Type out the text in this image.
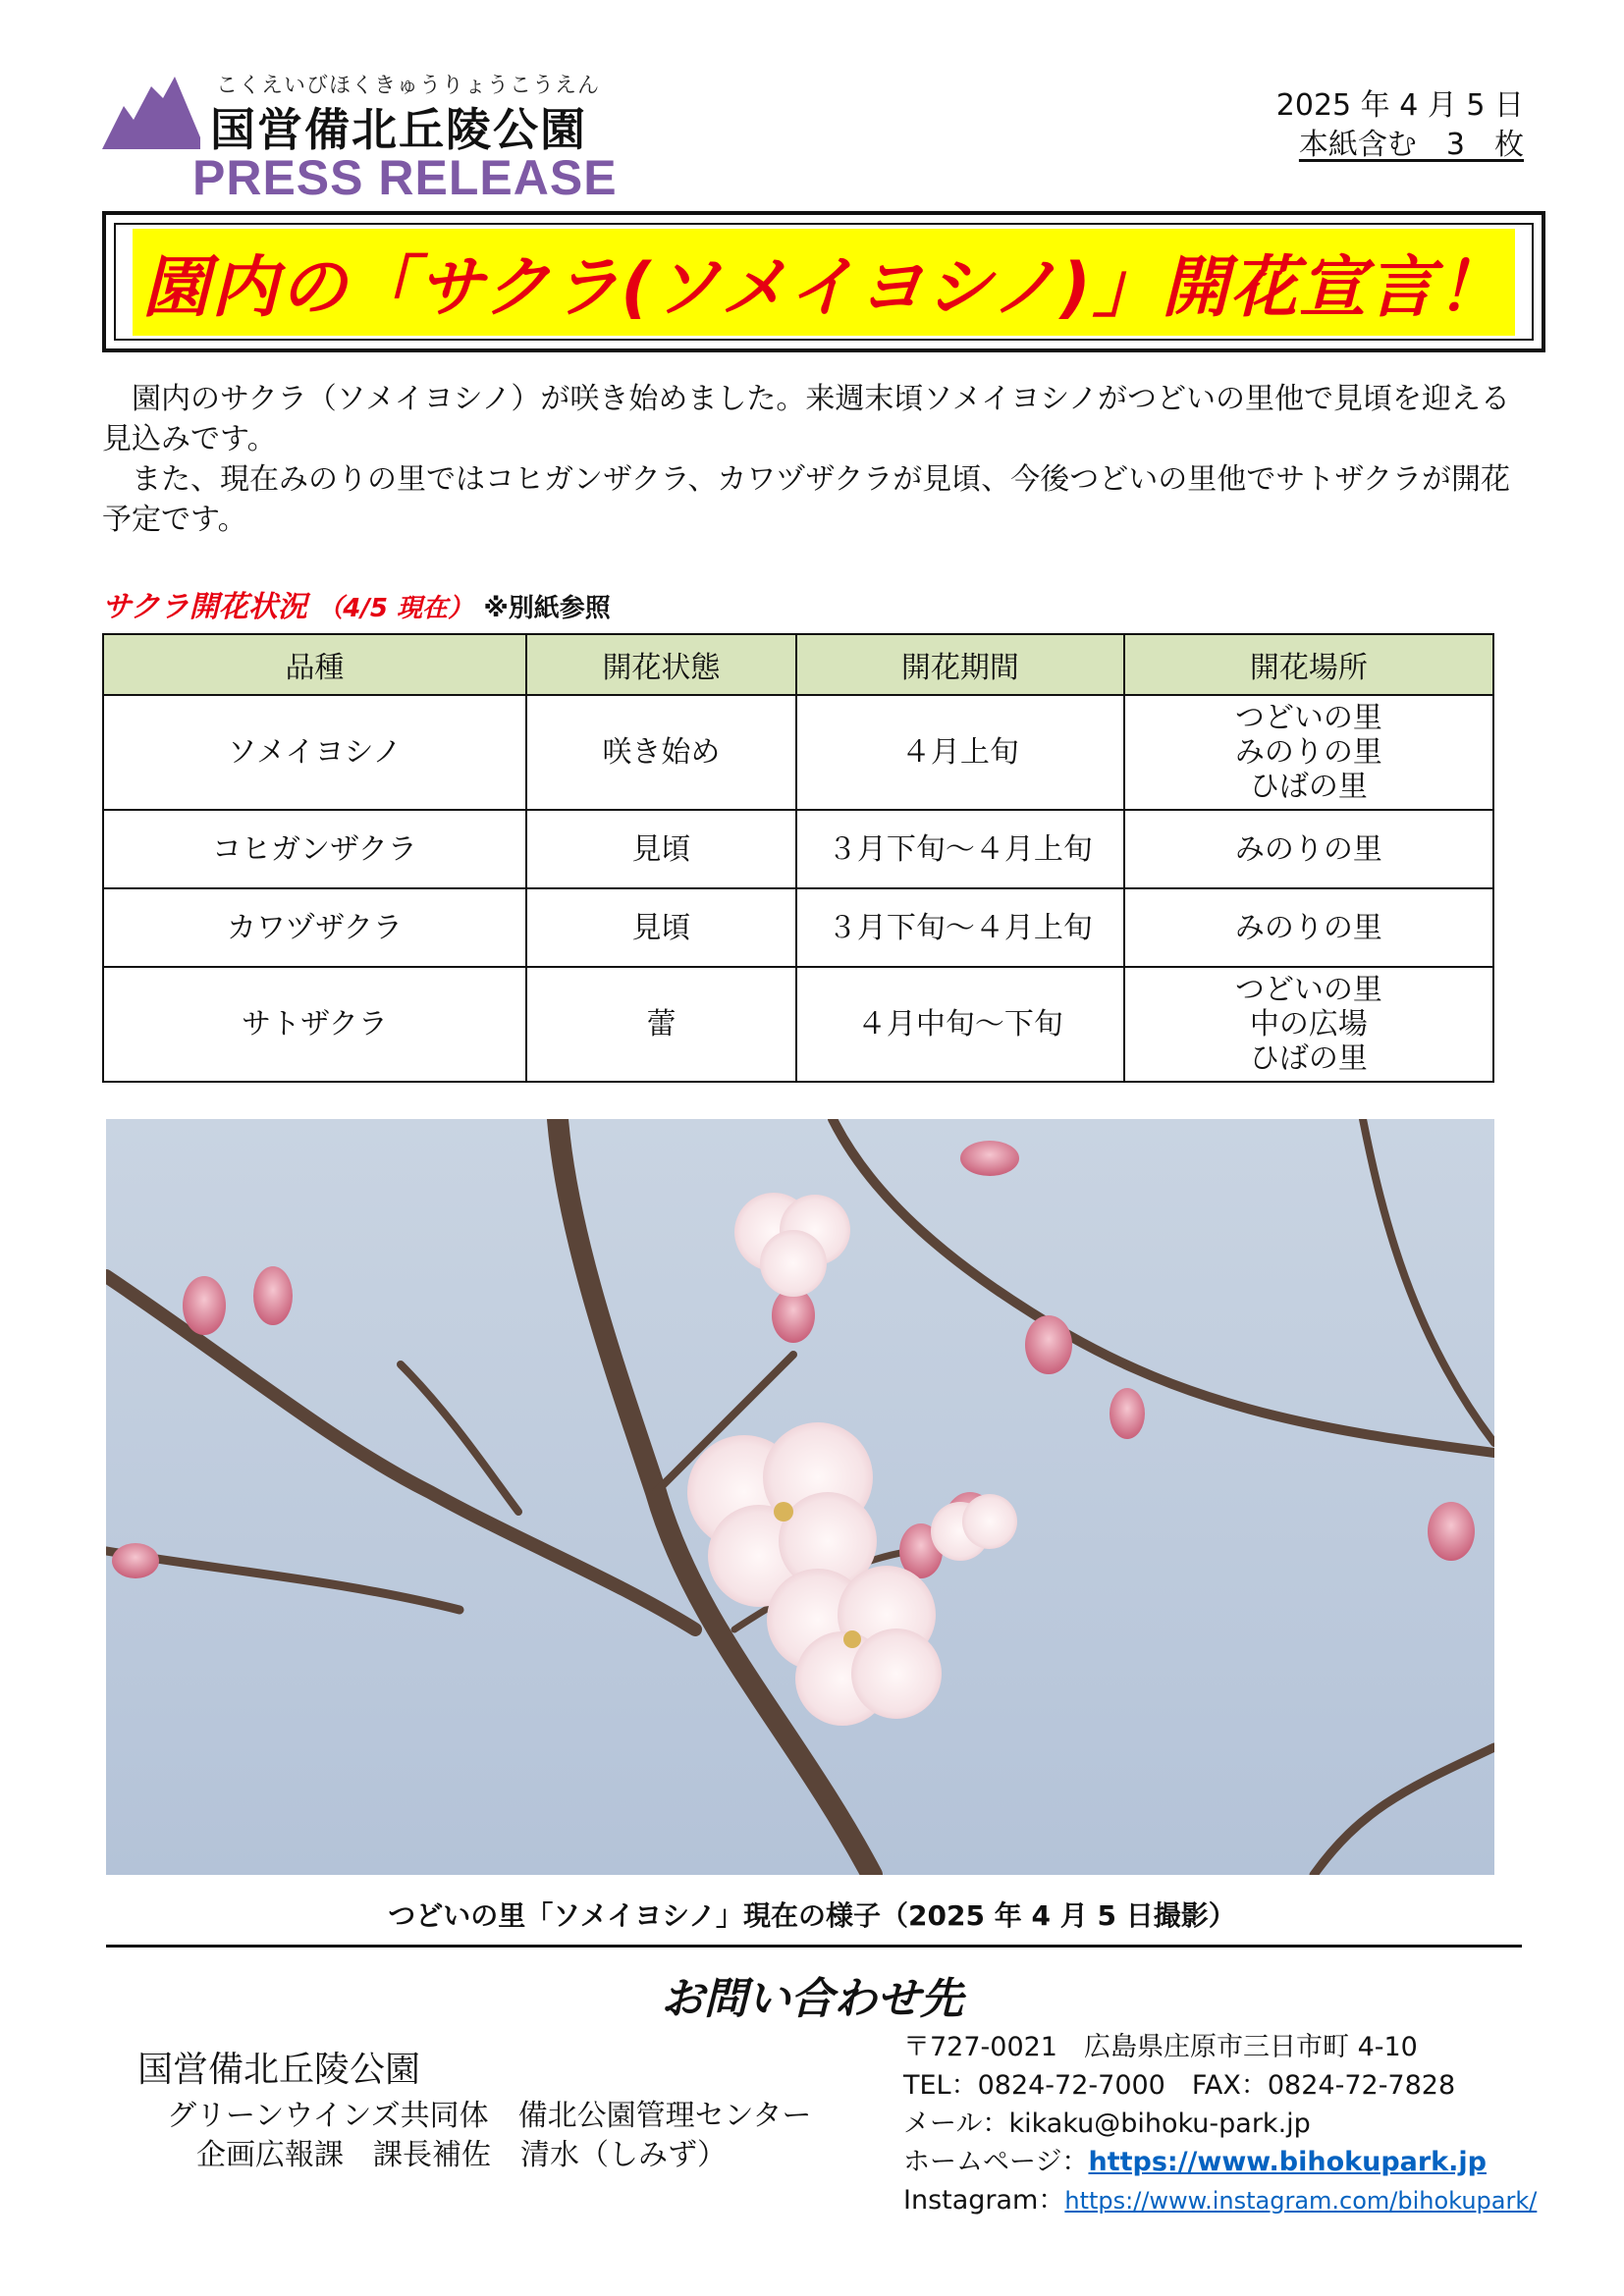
こくえいびほくきゅうりょうこうえん
国営備北丘陵公園
PRESS RELEASE
2025 年 4 月 5 日
本紙含む　3　枚
園内の「サクラ(ソメイヨシノ)」開花宣言！

園内のサクラ（ソメイヨシノ）が咲き始めました。来週末頃ソメイヨシノがつどいの里他で見頃を迎える見込みです。

また、現在みのりの里ではコヒガンザクラ、カワヅザクラが見頃、今後つどいの里他でサトザクラが開花予定です。

サクラ開花状況 （4/5 現在） ※別紙参照
品種	開花状態	開花期間	開花場所
ソメイヨシノ	咲き始め	４月上旬	つどいの里
みのりの里
ひばの里

コヒガンザクラ	見頃	３月下旬～４月上旬	みのりの里

カワヅザクラ	見頃	３月下旬～４月上旬	みのりの里

サトザクラ	蕾	４月中旬～下旬	つどいの里
中の広場
ひばの里
つどいの里「ソメイヨシノ」現在の様子（2025 年 4 月 5 日撮影）
お問い合わせ先
国営備北丘陵公園
グリーンウインズ共同体　備北公園管理センター
企画広報課　課長補佐　清水（しみず）
〒727-0021　広島県庄原市三日市町 4-10
TEL：0824-72-7000　FAX：0824-72-7828
メール：kikaku@bihoku-park.jp
ホームページ：https://www.bihokupark.jp
Instagram：https://www.instagram.com/bihokupark/
